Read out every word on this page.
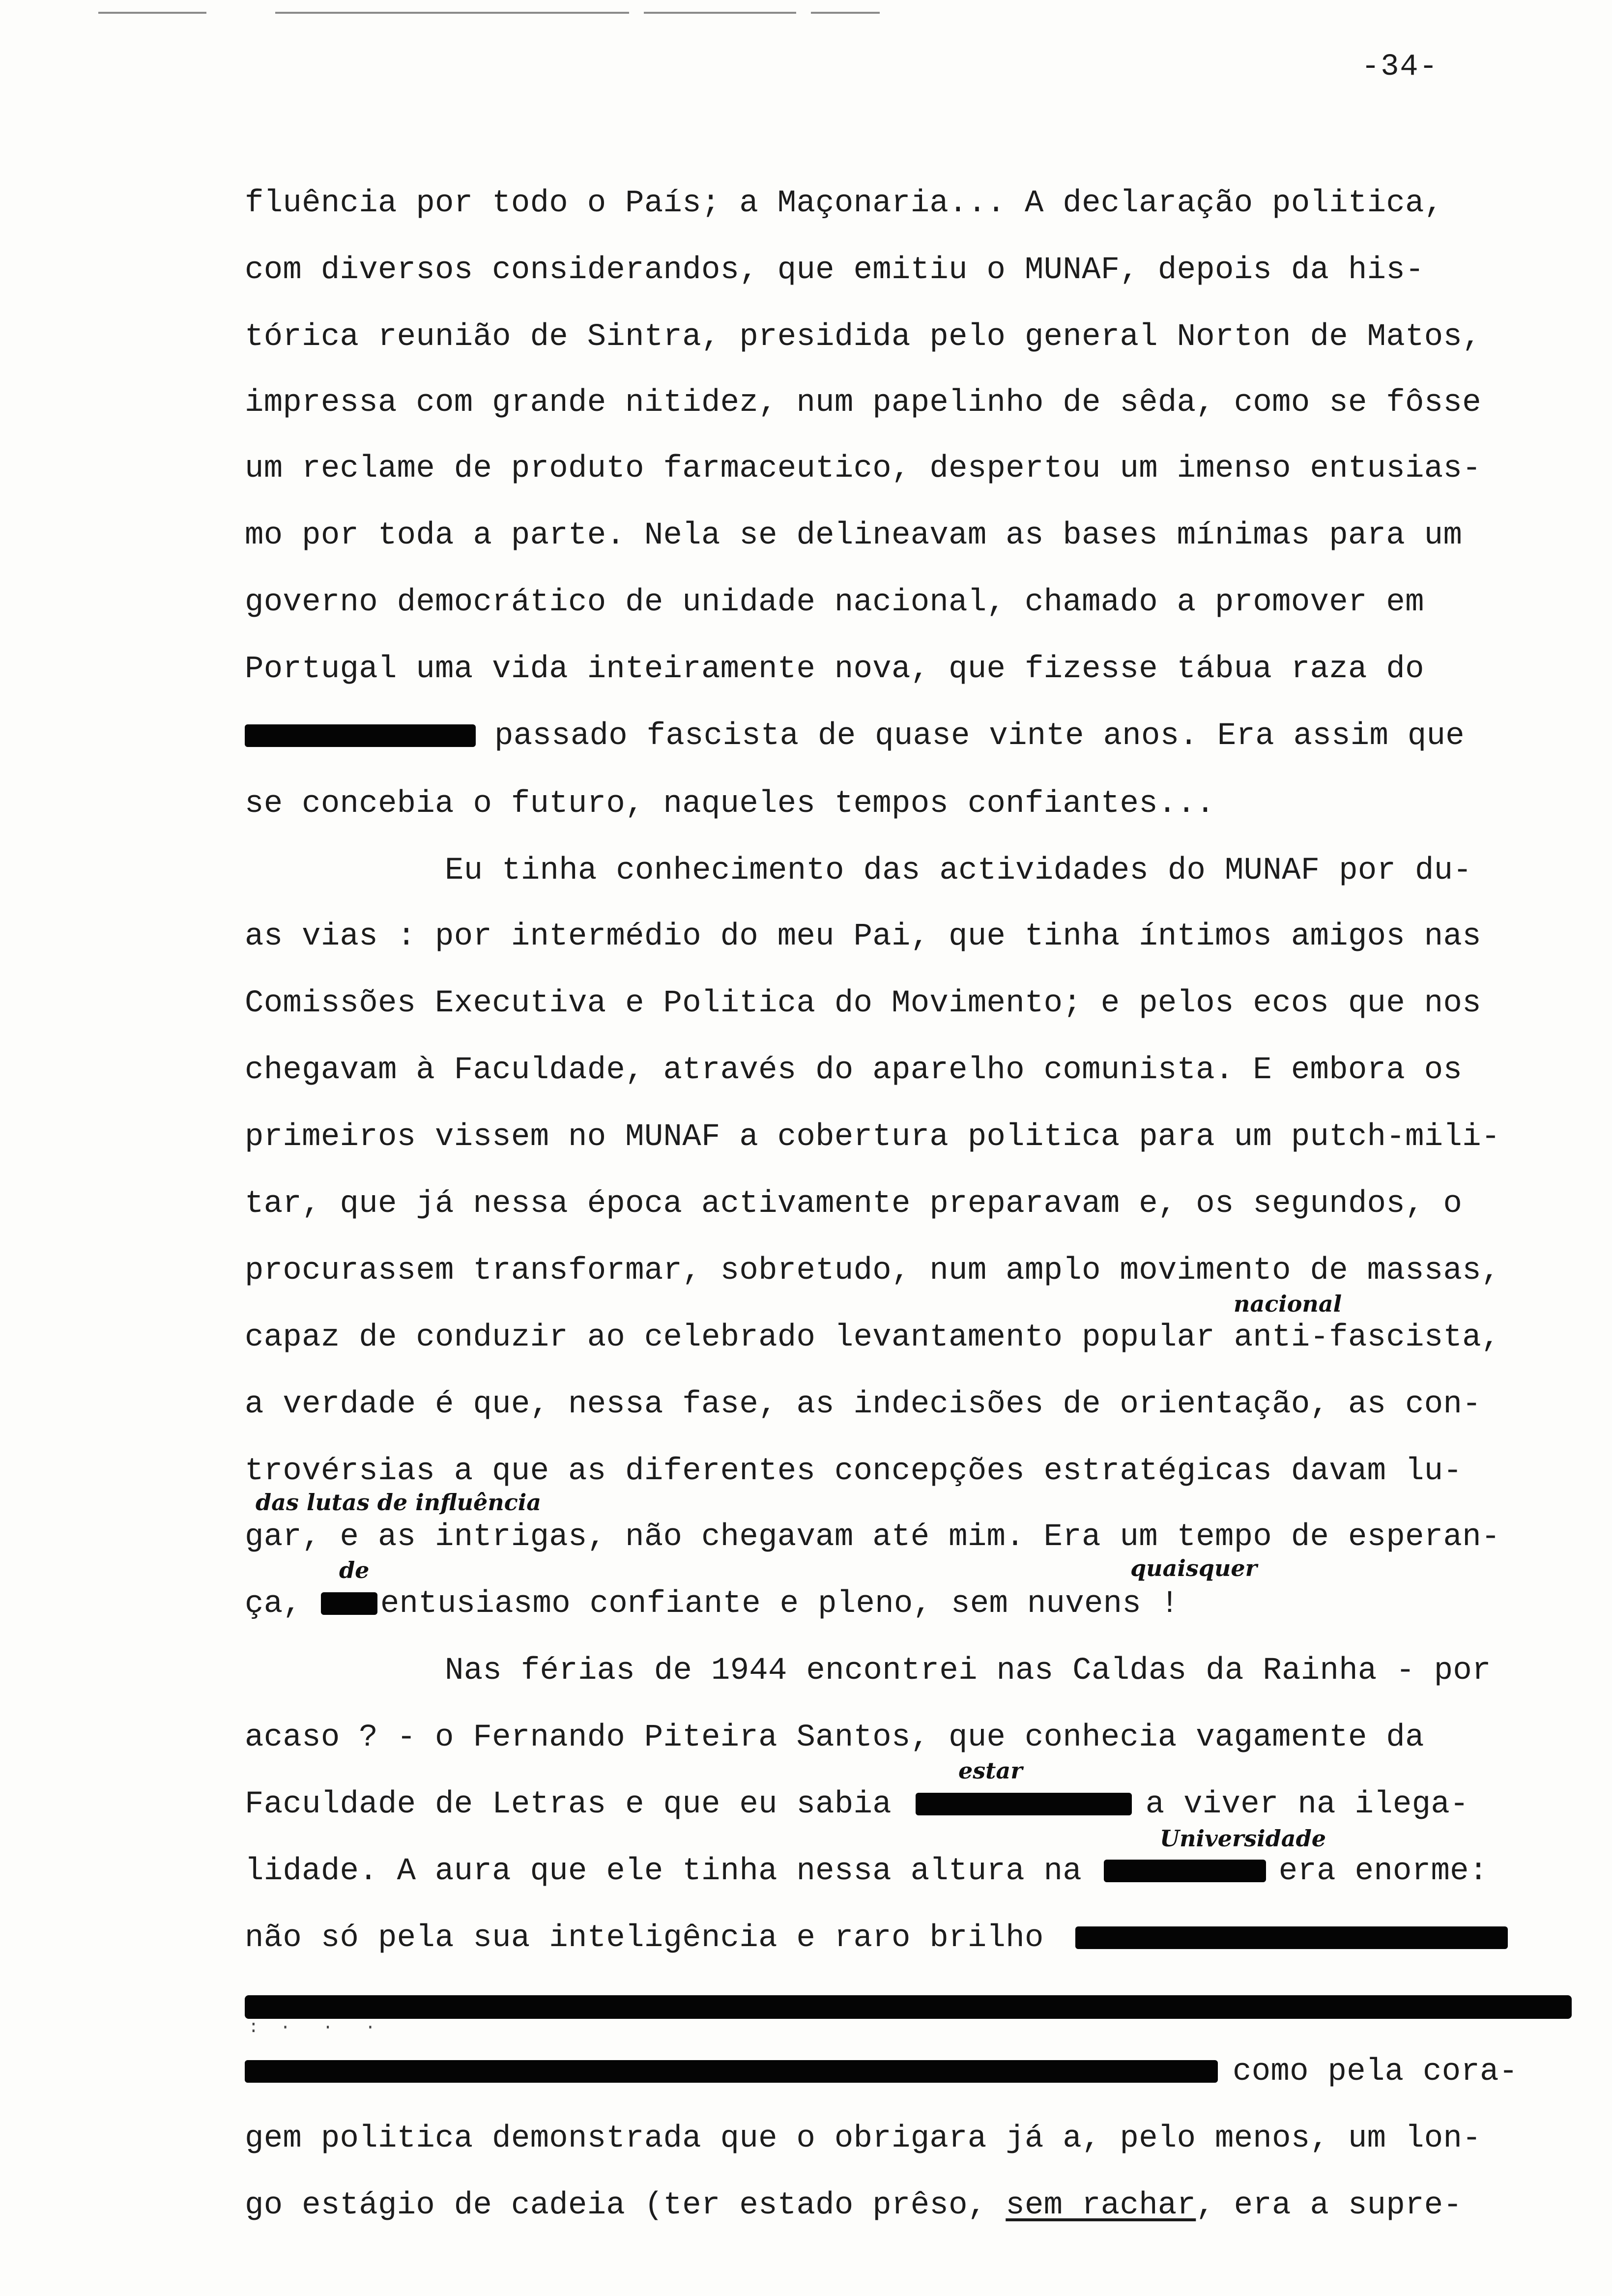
-34-
fluência por todo o País; a Maçonaria... A declaração politica,
com diversos considerandos, que emitiu o MUNAF, depois da his-
tórica reunião de Sintra, presidida pelo general Norton de Matos,
impressa com grande nitidez, num papelinho de sêda, como se fôsse
um reclame de produto farmaceutico, despertou um imenso entusias-
mo por toda a parte. Nela se delineavam as bases mínimas para um
governo democrático de unidade nacional, chamado a promover em
Portugal uma vida inteiramente nova, que fizesse tábua raza do
passado fascista de quase vinte anos. Era assim que
se concebia o futuro, naqueles tempos confiantes...
Eu tinha conhecimento das actividades do MUNAF por du-
as vias : por intermédio do meu Pai, que tinha íntimos amigos nas
Comissões Executiva e Politica do Movimento; e pelos ecos que nos
chegavam à Faculdade, através do aparelho comunista. E embora os
primeiros vissem no MUNAF a cobertura politica para um putch-mili-
tar, que já nessa época activamente preparavam e, os segundos, o
procurassem transformar, sobretudo, num amplo movimento de massas,
nacional
capaz de conduzir ao celebrado levantamento popular anti-fascista,
a verdade é que, nessa fase, as indecisões de orientação, as con-
trovérsias a que as diferentes concepções estratégicas davam lu-
das lutas de influência
gar, e as intrigas, não chegavam até mim. Era um tempo de esperan-
de	quaisquer
ça, entusiasmo confiante e pleno, sem nuvens !
Nas férias de 1944 encontrei nas Caldas da Rainha - por
acaso ? - o Fernando Piteira Santos, que conhecia vagamente da
estar
Faculdade de Letras e que eu sabia	a viver na ilega-
Universidade
lidade. A aura que ele tinha nessa altura na	era enorme:
não só pela sua inteligência e raro brilho
:  ·   ·   ·
como pela cora-
gem politica demonstrada que o obrigara já a, pelo menos, um lon-
go estágio de cadeia (ter estado prêso, sem rachar, era a supre-
